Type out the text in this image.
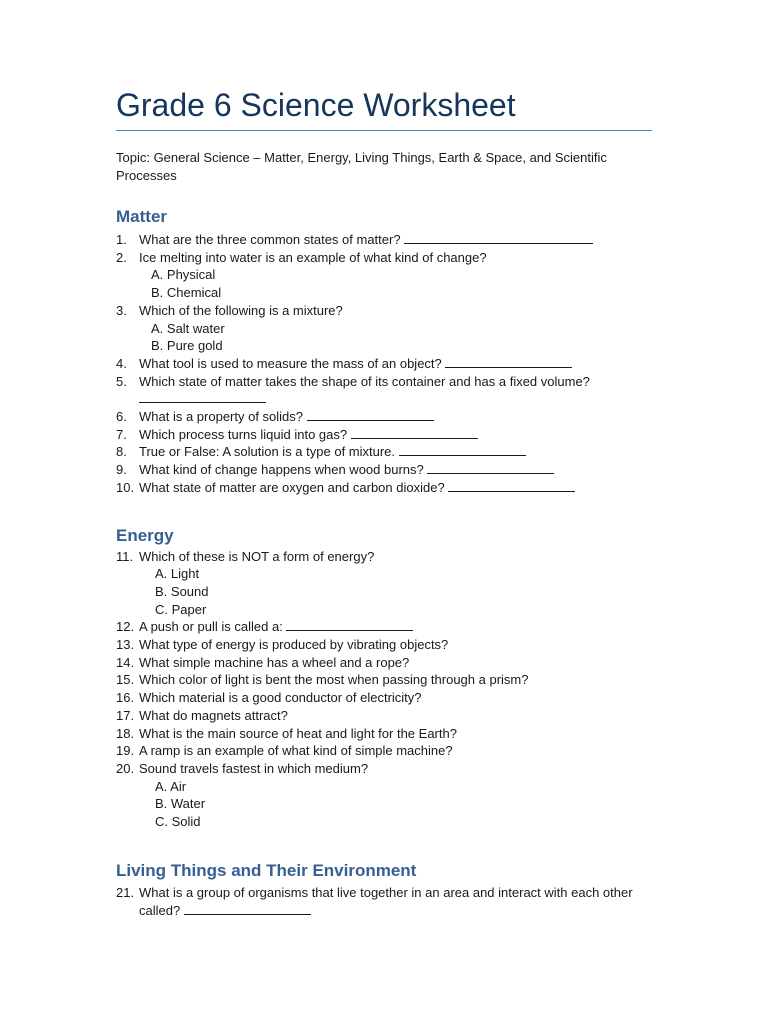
Grade 6 Science Worksheet
Topic: General Science – Matter, Energy, Living Things, Earth & Space, and Scientific Processes
Matter
1. What are the three common states of matter?
2. Ice melting into water is an example of what kind of change?
A. Physical
B. Chemical
3. Which of the following is a mixture?
A. Salt water
B. Pure gold
4. What tool is used to measure the mass of an object?
5. Which state of matter takes the shape of its container and has a fixed volume?

6. What is a property of solids?
7. Which process turns liquid into gas?
8. True or False: A solution is a type of mixture.
9. What kind of change happens when wood burns?
10. What state of matter are oxygen and carbon dioxide?
Energy
11. Which of these is NOT a form of energy?
A. Light
B. Sound
C. Paper
12. A push or pull is called a:
13. What type of energy is produced by vibrating objects?
14. What simple machine has a wheel and a rope?
15. Which color of light is bent the most when passing through a prism?
16. Which material is a good conductor of electricity?
17. What do magnets attract?
18. What is the main source of heat and light for the Earth?
19. A ramp is an example of what kind of simple machine?
20. Sound travels fastest in which medium?
A. Air
B. Water
C. Solid
Living Things and Their Environment
21. What is a group of organisms that live together in an area and interact with each other called?
